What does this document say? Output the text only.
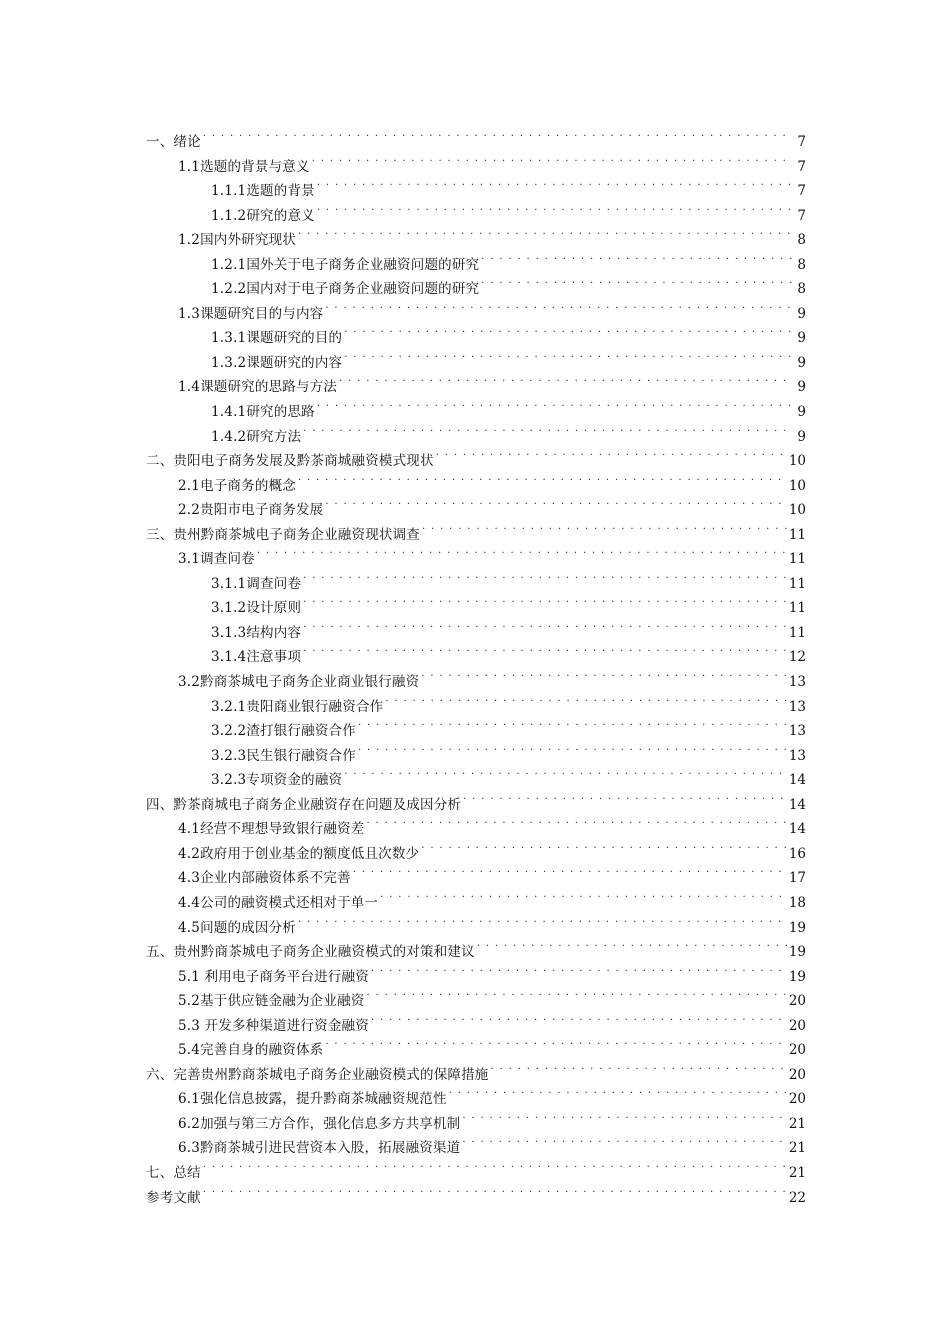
一、绪论 . . .	7
1.1选题的背景与意义 . . .	7
1.1.1选题的背景 . . .	7
1.1.2研究的意义 . . .	7
1.2国内外研究现状 . . .	8
1.2.1国外关于电子商务企业融资问题的研究 . . .	8
1.2.2国内对于电子商务企业融资问题的研究 . . .	8
1.3课题研究目的与内容 . . .	9
1.3.1课题研究的目的 . . .	9
1.3.2课题研究的内容 . . .	9
1.4课题研究的思路与方法 . . .	9
1.4.1研究的思路 . . .	9
1.4.2研究方法 . . .	9
二、贵阳电子商务发展及黔茶商城融资模式现状 . . .	10
2.1电子商务的概念 . . .	10
2.2贵阳市电子商务发展 . . .	10
三、贵州黔商茶城电子商务企业融资现状调查 . . .	11
3.1调查问卷 . . .	11
3.1.1调查问卷 . . .	11
3.1.2设计原则 . . .	11
3.1.3结构内容 . . .	11
3.1.4注意事项 . . .	12
3.2黔商茶城电子商务企业商业银行融资 . . .	13
3.2.1贵阳商业银行融资合作 . . .	13
3.2.2渣打银行融资合作 . . .	13
3.2.3民生银行融资合作 . . .	13
3.2.3专项资金的融资 . . .	14
四、黔茶商城电子商务企业融资存在问题及成因分析 . . .	14
4.1经营不理想导致银行融资差 . . .	14
4.2政府用于创业基金的额度低且次数少 . . .	16
4.3企业内部融资体系不完善 . . .	17
4.4公司的融资模式还相对于单一 . . .	18
4.5问题的成因分析 . . .	19
五、贵州黔商茶城电子商务企业融资模式的对策和建议 . . .	19
5.1 利用电子商务平台进行融资 . . .	19
5.2基于供应链金融为企业融资 . . .	20
5.3 开发多种渠道进行资金融资 . . .	20
5.4完善自身的融资体系 . . .	20
六、完善贵州黔商茶城电子商务企业融资模式的保障措施 . . .	20
6.1强化信息披露，提升黔商茶城融资规范性 . . .	20
6.2加强与第三方合作，强化信息多方共享机制 . . .	21
6.3黔商茶城引进民营资本入股，拓展融资渠道 . . .	21
七、总结 . . .	21
参考文献 . . .	22
